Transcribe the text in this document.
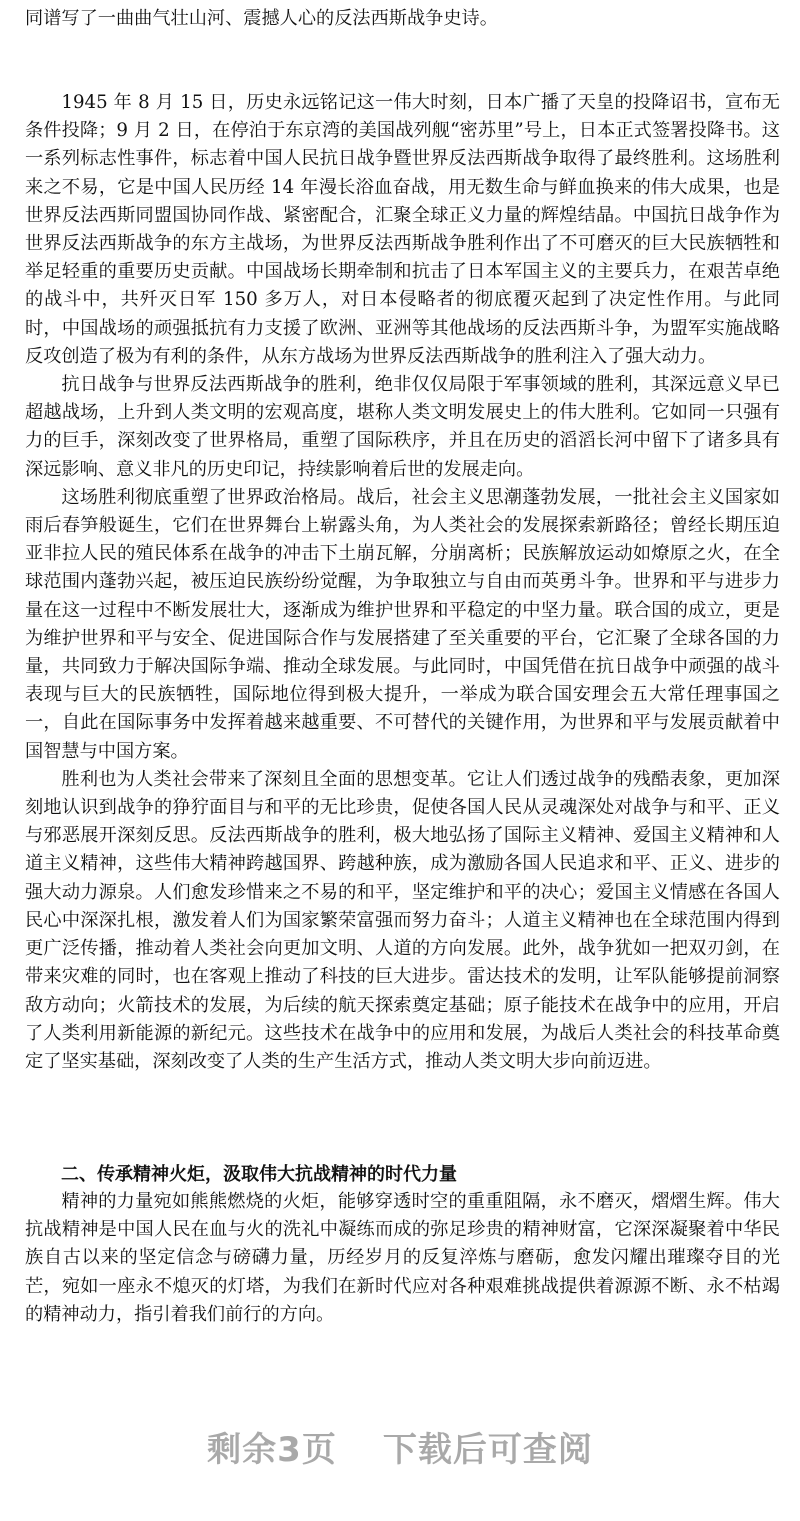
同谱写了一曲曲气壮山河、震撼人心的反法西斯战争史诗。

1945 年 8 月 15 日，历史永远铭记这一伟大时刻，日本广播了天皇的投降诏书，宣布无条件投降；9 月 2 日，在停泊于东京湾的美国战列舰“密苏里”号上，日本正式签署投降书。这一系列标志性事件，标志着中国人民抗日战争暨世界反法西斯战争取得了最终胜利。这场胜利来之不易，它是中国人民历经 14 年漫长浴血奋战，用无数生命与鲜血换来的伟大成果，也是世界反法西斯同盟国协同作战、紧密配合，汇聚全球正义力量的辉煌结晶。中国抗日战争作为世界反法西斯战争的东方主战场，为世界反法西斯战争胜利作出了不可磨灭的巨大民族牺牲和举足轻重的重要历史贡献。中国战场长期牵制和抗击了日本军国主义的主要兵力，在艰苦卓绝的战斗中，共歼灭日军 150 多万人，对日本侵略者的彻底覆灭起到了决定性作用。与此同时，中国战场的顽强抵抗有力支援了欧洲、亚洲等其他战场的反法西斯斗争，为盟军实施战略反攻创造了极为有利的条件，从东方战场为世界反法西斯战争的胜利注入了强大动力。

抗日战争与世界反法西斯战争的胜利，绝非仅仅局限于军事领域的胜利，其深远意义早已超越战场，上升到人类文明的宏观高度，堪称人类文明发展史上的伟大胜利。它如同一只强有力的巨手，深刻改变了世界格局，重塑了国际秩序，并且在历史的滔滔长河中留下了诸多具有深远影响、意义非凡的历史印记，持续影响着后世的发展走向。

这场胜利彻底重塑了世界政治格局。战后，社会主义思潮蓬勃发展，一批社会主义国家如雨后春笋般诞生，它们在世界舞台上崭露头角，为人类社会的发展探索新路径；曾经长期压迫亚非拉人民的殖民体系在战争的冲击下土崩瓦解，分崩离析；民族解放运动如燎原之火，在全球范围内蓬勃兴起，被压迫民族纷纷觉醒，为争取独立与自由而英勇斗争。世界和平与进步力量在这一过程中不断发展壮大，逐渐成为维护世界和平稳定的中坚力量。联合国的成立，更是为维护世界和平与安全、促进国际合作与发展搭建了至关重要的平台，它汇聚了全球各国的力量，共同致力于解决国际争端、推动全球发展。与此同时，中国凭借在抗日战争中顽强的战斗表现与巨大的民族牺牲，国际地位得到极大提升，一举成为联合国安理会五大常任理事国之一，自此在国际事务中发挥着越来越重要、不可替代的关键作用，为世界和平与发展贡献着中国智慧与中国方案。

胜利也为人类社会带来了深刻且全面的思想变革。它让人们透过战争的残酷表象，更加深刻地认识到战争的狰狞面目与和平的无比珍贵，促使各国人民从灵魂深处对战争与和平、正义与邪恶展开深刻反思。反法西斯战争的胜利，极大地弘扬了国际主义精神、爱国主义精神和人道主义精神，这些伟大精神跨越国界、跨越种族，成为激励各国人民追求和平、正义、进步的强大动力源泉。人们愈发珍惜来之不易的和平，坚定维护和平的决心；爱国主义情感在各国人民心中深深扎根，激发着人们为国家繁荣富强而努力奋斗；人道主义精神也在全球范围内得到更广泛传播，推动着人类社会向更加文明、人道的方向发展。此外，战争犹如一把双刃剑，在带来灾难的同时，也在客观上推动了科技的巨大进步。雷达技术的发明，让军队能够提前洞察敌方动向；火箭技术的发展，为后续的航天探索奠定基础；原子能技术在战争中的应用，开启了人类利用新能源的新纪元。这些技术在战争中的应用和发展，为战后人类社会的科技革命奠定了坚实基础，深刻改变了人类的生产生活方式，推动人类文明大步向前迈进。

二、传承精神火炬，汲取伟大抗战精神的时代力量

精神的力量宛如熊熊燃烧的火炬，能够穿透时空的重重阻隔，永不磨灭，熠熠生辉。伟大抗战精神是中国人民在血与火的洗礼中凝练而成的弥足珍贵的精神财富，它深深凝聚着中华民族自古以来的坚定信念与磅礴力量，历经岁月的反复淬炼与磨砺，愈发闪耀出璀璨夺目的光芒，宛如一座永不熄灭的灯塔，为我们在新时代应对各种艰难挑战提供着源源不断、永不枯竭的精神动力，指引着我们前行的方向。

剩余3页 下载后可查阅
